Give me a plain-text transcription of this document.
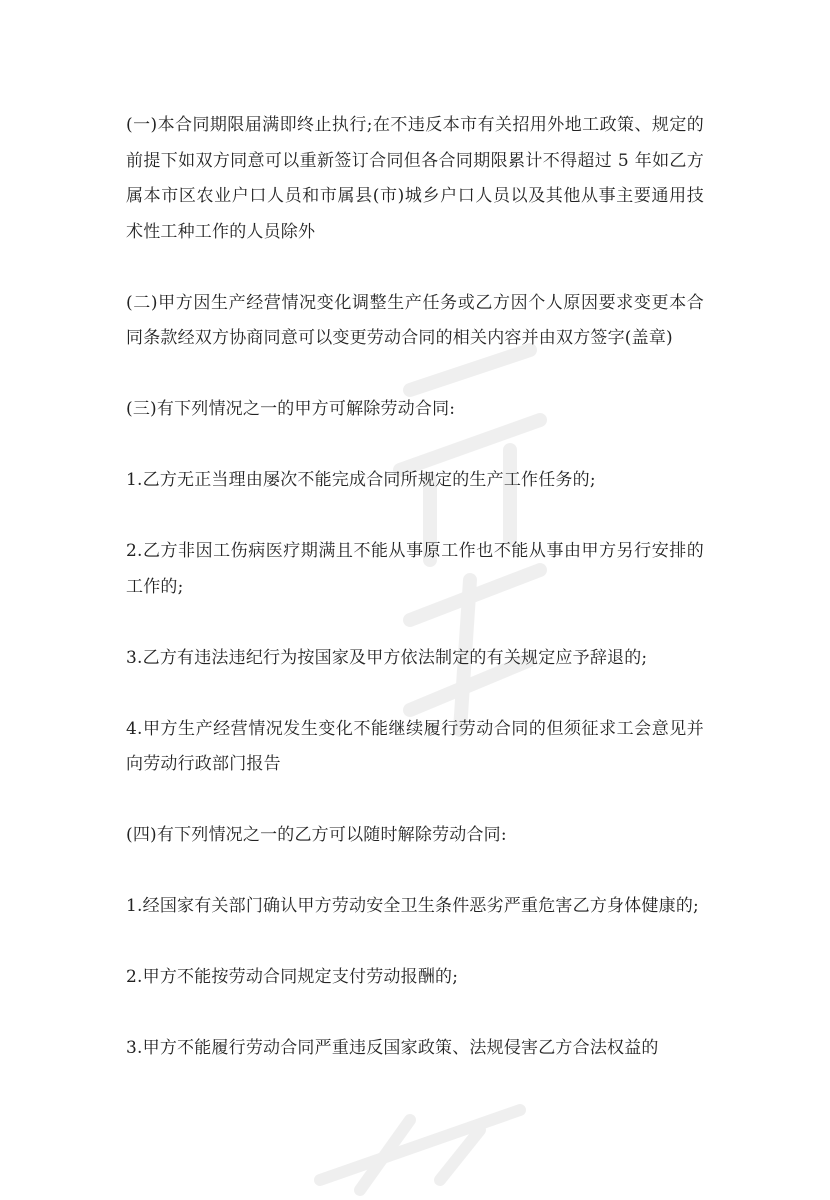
(一)本合同期限届满即终止执行;在不违反本市有关招用外地工政策、规定的前提下如双方同意可以重新签订合同但各合同期限累计不得超过 5 年如乙方属本市区农业户口人员和市属县(市)城乡户口人员以及其他从事主要通用技术性工种工作的人员除外

(二)甲方因生产经营情况变化调整生产任务或乙方因个人原因要求变更本合同条款经双方协商同意可以变更劳动合同的相关内容并由双方签字(盖章)

(三)有下列情况之一的甲方可解除劳动合同:

1.乙方无正当理由屡次不能完成合同所规定的生产工作任务的;

2.乙方非因工伤病医疗期满且不能从事原工作也不能从事由甲方另行安排的工作的;

3.乙方有违法违纪行为按国家及甲方依法制定的有关规定应予辞退的;

4.甲方生产经营情况发生变化不能继续履行劳动合同的但须征求工会意见并向劳动行政部门报告

(四)有下列情况之一的乙方可以随时解除劳动合同:

1.经国家有关部门确认甲方劳动安全卫生条件恶劣严重危害乙方身体健康的;

2.甲方不能按劳动合同规定支付劳动报酬的;

3.甲方不能履行劳动合同严重违反国家政策、法规侵害乙方合法权益的
